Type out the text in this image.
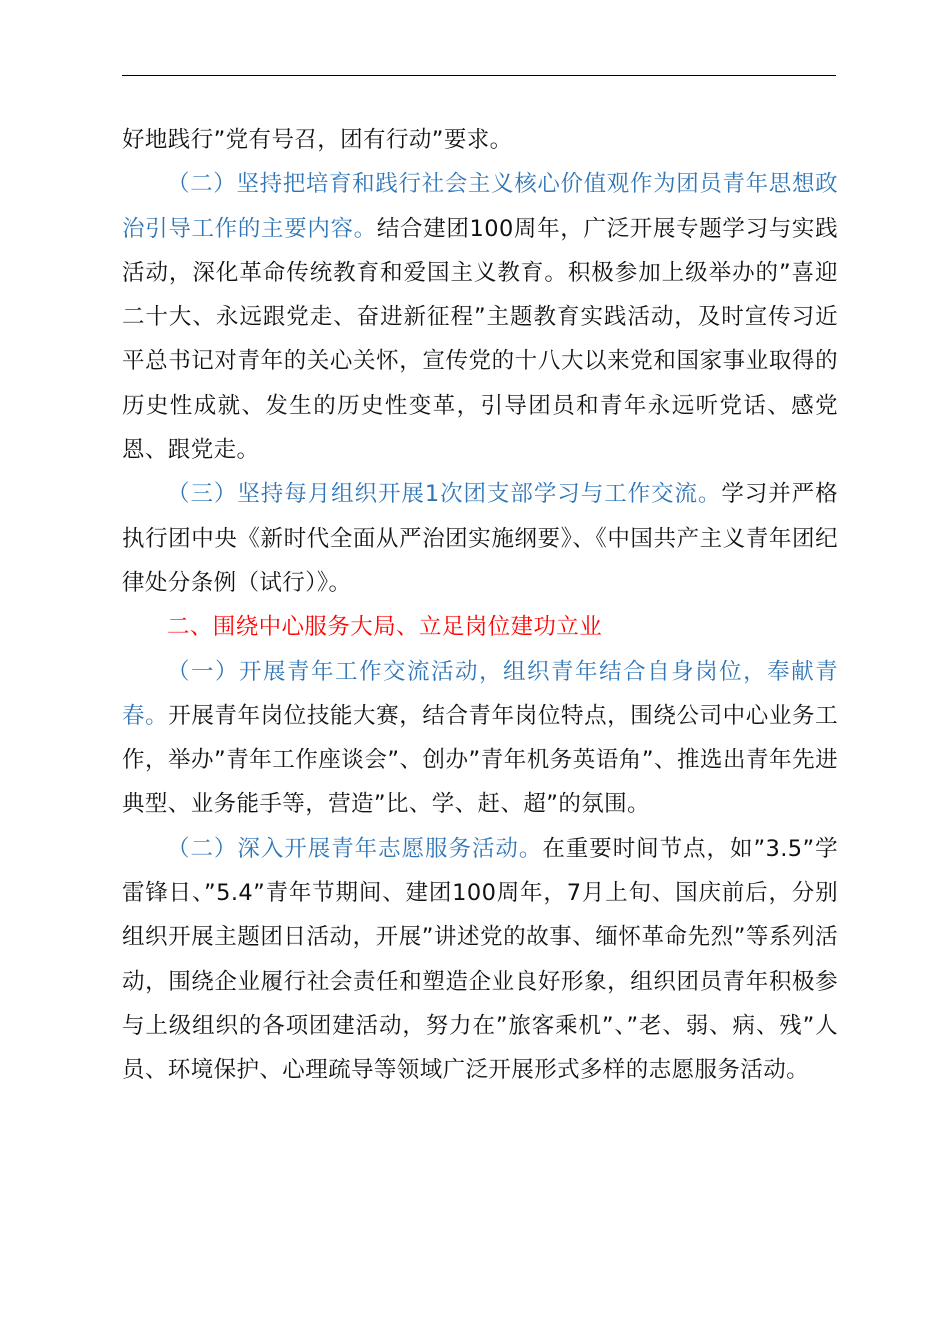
好地践行”党有号召，团有行动”要求。

（二）坚持把培育和践行社会主义核心价值观作为团员青年思想政治引导工作的主要内容。结合建团100周年，广泛开展专题学习与实践活动，深化革命传统教育和爱国主义教育。积极参加上级举办的”喜迎二十大、永远跟党走、奋进新征程”主题教育实践活动，及时宣传习近平总书记对青年的关心关怀，宣传党的十八大以来党和国家事业取得的历史性成就、发生的历史性变革，引导团员和青年永远听党话、感党恩、跟党走。

（三）坚持每月组织开展1次团支部学习与工作交流。学习并严格执行团中央《新时代全面从严治团实施纲要》、《中国共产主义青年团纪律处分条例（试行）》。

二、围绕中心服务大局、立足岗位建功立业

（一）开展青年工作交流活动，组织青年结合自身岗位，奉献青春。开展青年岗位技能大赛，结合青年岗位特点，围绕公司中心业务工作，举办”青年工作座谈会”、创办”青年机务英语角”、推选出青年先进典型、业务能手等，营造”比、学、赶、超”的氛围。

（二）深入开展青年志愿服务活动。在重要时间节点，如”3.5”学雷锋日、”5.4”青年节期间、建团100周年，7月上旬、国庆前后，分别组织开展主题团日活动，开展”讲述党的故事、缅怀革命先烈”等系列活动，围绕企业履行社会责任和塑造企业良好形象，组织团员青年积极参与上级组织的各项团建活动，努力在”旅客乘机”、”老、弱、病、残”人员、环境保护、心理疏导等领域广泛开展形式多样的志愿服务活动。
